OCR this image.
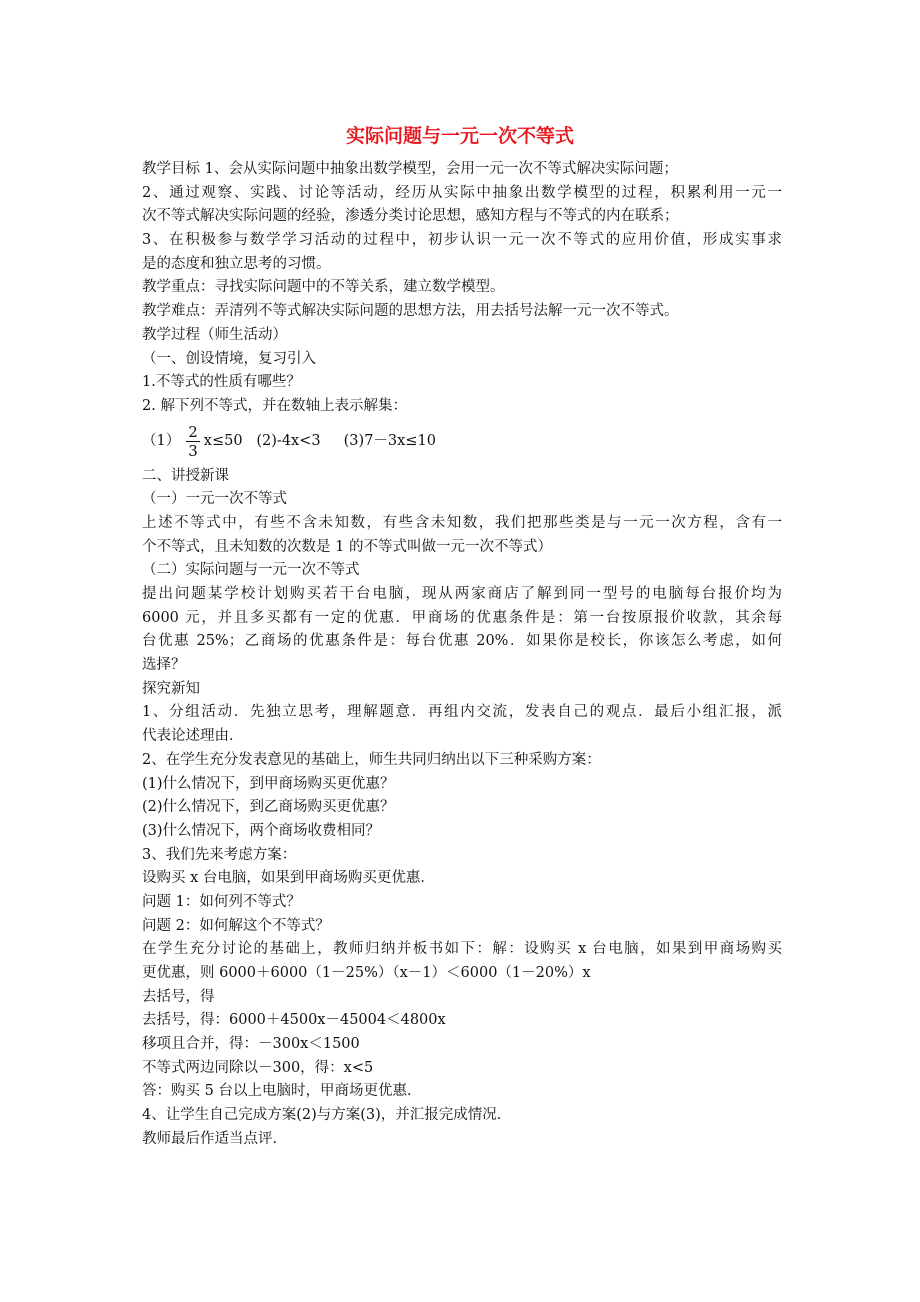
实际问题与一元一次不等式
教学目标 1、会从实际问题中抽象出数学模型，会用一元一次不等式解决实际问题；
2、通过观察、实践、讨论等活动，经历从实际中抽象出数学模型的过程，积累利用一元一
次不等式解决实际问题的经验，渗透分类讨论思想，感知方程与不等式的内在联系；
3、在积极参与数学学习活动的过程中，初步认识一元一次不等式的应用价值，形成实事求
是的态度和独立思考的习惯。
教学重点：寻找实际问题中的不等关系，建立数学模型。
教学难点：弄清列不等式解决实际问题的思想方法，用去括号法解一元一次不等式。
教学过程（师生活动）
（一、创设情境，复习引入
1.不等式的性质有哪些？
2. 解下列不等式，并在数轴上表示解集：
$(1) \frac{2}{3} x\le 50$   (2)-4x<3     (3)7－3x≤10
二、讲授新课
（一）一元一次不等式
上述不等式中，有些不含未知数，有些含未知数，我们把那些类是与一元一次方程，含有一
个不等式，且未知数的次数是 1 的不等式叫做一元一次不等式）
（二）实际问题与一元一次不等式
提出问题某学校计划购买若干台电脑，现从两家商店了解到同一型号的电脑每台报价均为
6000 元，并且多买都有一定的优惠．甲商场的优惠条件是：第一台按原报价收款，其余每
台优惠 25%；乙商场的优惠条件是：每台优惠 20%．如果你是校长，你该怎么考虑，如何
选择？
探究新知
1、分组活动．先独立思考，理解题意．再组内交流，发表自己的观点．最后小组汇报，派
代表论述理由．
2、在学生充分发表意见的基础上，师生共同归纳出以下三种采购方案：
(1)什么情况下，到甲商场购买更优惠？
(2)什么情况下，到乙商场购买更优惠？
(3)什么情况下，两个商场收费相同？
3、我们先来考虑方案：
设购买 x 台电脑，如果到甲商场购买更优惠．
问题 1：如何列不等式？
问题 2：如何解这个不等式？
在学生充分讨论的基础上，教师归纳并板书如下：解：设购买 x 台电脑，如果到甲商场购买
更优惠，则 6000＋6000（1－25%）（x－1）＜6000（1－20%）x
去括号，得
去括号，得：6000＋4500x－45004＜4800x
移项且合并，得：－300x＜1500
不等式两边同除以－300，得：x<5
答：购买 5 台以上电脑时，甲商场更优惠．
4、让学生自己完成方案(2)与方案(3)，并汇报完成情况．
教师最后作适当点评．
